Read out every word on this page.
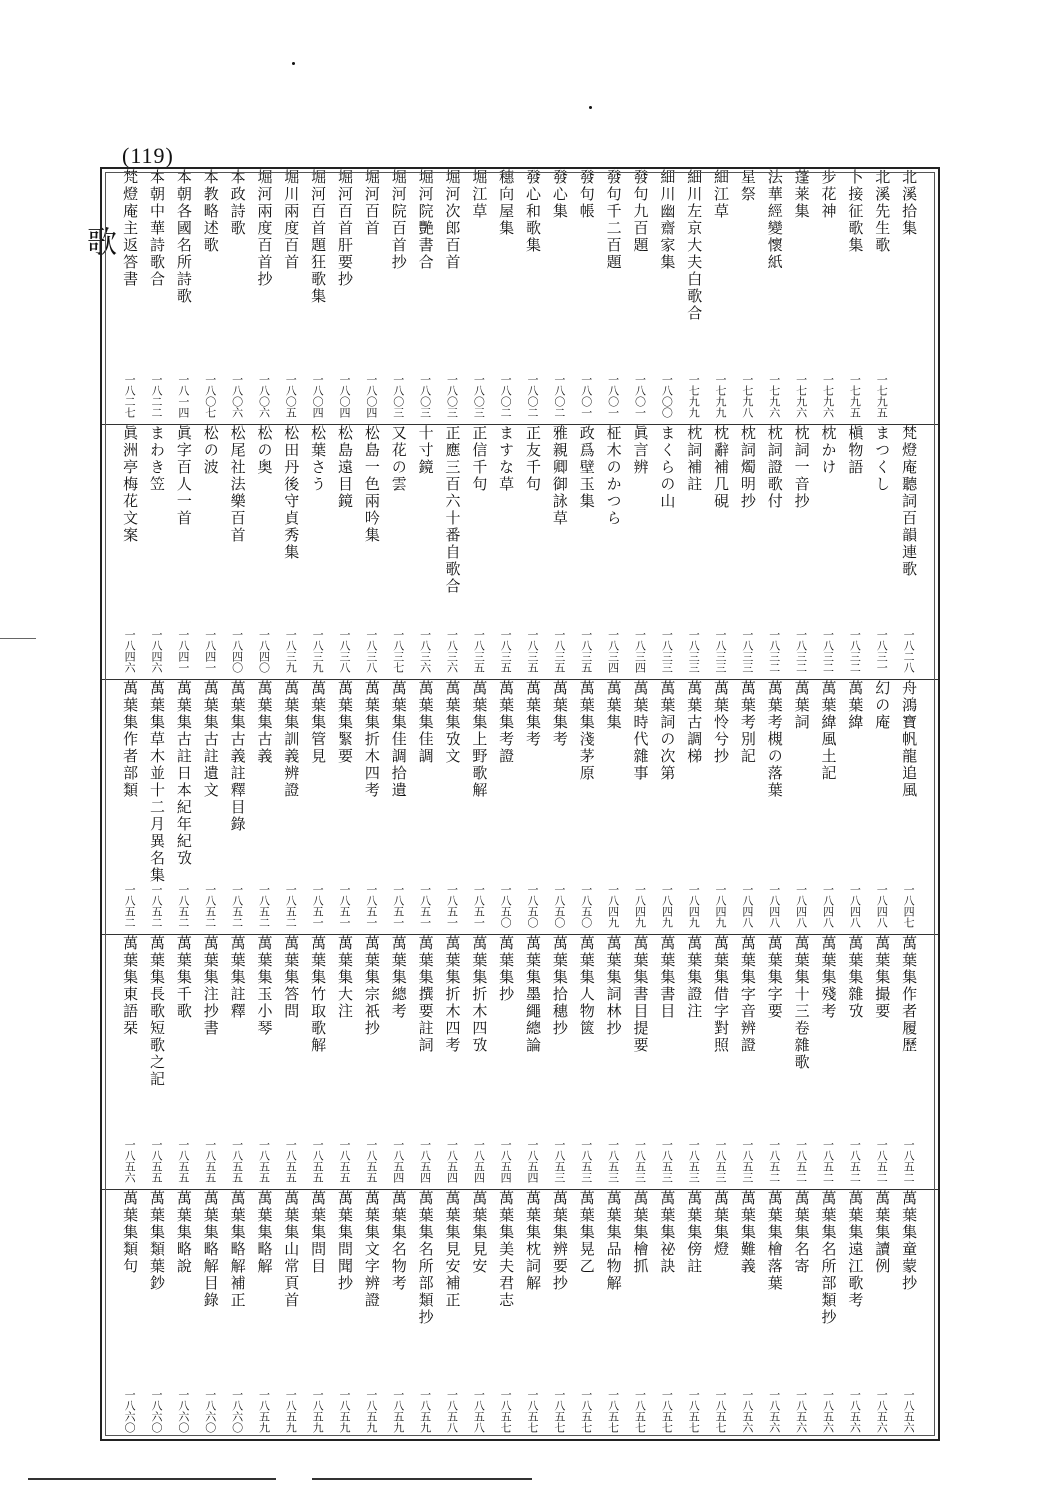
(119)
歌
北溪拾集
北溪先生歌
一七九五
卜接征歌集
一七九五
步花神
一七九六
蓬莱集
一七九六
法華經變懷紙
一七九六
星祭
一七九八
細江草
一七九九
細川左京大夫白歌合
一七九九
細川幽齋家集
一八〇〇
發句九百題
一八〇一
發句千二百題
一八〇一
發句帳
一八〇一
發心集
一八〇二
發心和歌集
一八〇二
穗向屋集
一八〇二
堀江草
一八〇三
堀河次郎百首
一八〇三
堀河院艷書合
一八〇三
堀河院百首抄
一八〇三
堀河百首
一八〇四
堀河百首肝要抄
一八〇四
堀河百首題狂歌集
一八〇四
堀川兩度百首
一八〇五
堀河兩度百首抄
一八〇六
本政詩歌
一八〇六
本教略述歌
一八〇七
本朝各國名所詩歌
一八一四
本朝中華詩歌合
一八二二
梵燈庵主返答書
一八二七
梵燈庵聽詞百韻連歌
一八二八
まつくし
一八三一
槇物語
一八三二
枕かけ
一八三二
枕詞一音抄
一八三二
枕詞證歌付
一八三二
枕詞燭明抄
一八三三
枕辭補几硯
一八三三
枕詞補註
一八三三
まくらの山
一八三三
眞言辨
一八三四
柾木のかつら
一八三四
政爲壁玉集
一八三五
雅親卿御詠草
一八三五
正友千句
一八三五
ますな草
一八三五
正信千句
一八三五
正應三百六十番自歌合
一八三六
十寸鏡
一八三六
又花の雲
一八三七
松島一色兩吟集
一八三八
松島遠目鏡
一八三八
松葉さう
一八三九
松田丹後守貞秀集
一八三九
松の奥
一八四〇
松尾社法樂百首
一八四〇
松の波
一八四一
眞字百人一首
一八四一
まわき笠
一八四六
眞洲亭梅花文案
一八四六
舟鴻寶帆龍追風
一八四七
幻の庵
一八四八
萬葉緯
一八四八
萬葉緯風土記
一八四八
萬葉詞
一八四八
萬葉考槻の落葉
一八四八
萬葉考別記
一八四八
萬葉怜兮抄
一八四九
萬葉古調梯
一八四九
萬葉詞の次第
一八四九
萬葉時代雜事
一八四九
萬葉集
一八四九
萬葉集淺茅原
一八五〇
萬葉集考
一八五〇
萬葉集考
一八五〇
萬葉集考證
一八五〇
萬葉集上野歌解
一八五一
萬葉集攷文
一八五一
萬葉集佳調
一八五一
萬葉集佳調拾遺
一八五一
萬葉集折木四考
一八五一
萬葉集緊要
一八五一
萬葉集管見
一八五一
萬葉集訓義辨證
一八五二
萬葉集古義
一八五二
萬葉集古義註釋目錄
一八五二
萬葉集古註遺文
一八五二
萬葉集古註日本紀年紀攷
一八五二
萬葉集草木並十二月異名集
一八五二
萬葉集作者部類
一八五二
萬葉集作者履歷
一八五二
萬葉集撮要
一八五二
萬葉集雜攷
一八五二
萬葉集殘考
一八五二
萬葉集十三卷雜歌
一八五二
萬葉集字要
一八五二
萬葉集字音辨證
一八五三
萬葉集借字對照
一八五三
萬葉集證注
一八五三
萬葉集書目
一八五三
萬葉集書目提要
一八五三
萬葉集詞林抄
一八五三
萬葉集人物篋
一八五三
萬葉集拾穗抄
一八五三
萬葉集墨繩總論
一八五四
萬葉集抄
一八五四
萬葉集折木四攷
一八五四
萬葉集折木四考
一八五四
萬葉集撰要註詞
一八五四
萬葉集總考
一八五四
萬葉集宗祇抄
一八五五
萬葉集大注
一八五五
萬葉集竹取歌解
一八五五
萬葉集答問
一八五五
萬葉集玉小琴
一八五五
萬葉集註釋
一八五五
萬葉集注抄書
一八五五
萬葉集千歌
一八五五
萬葉集長歌短歌之記
一八五五
萬葉集東語栞
一八五六
萬葉集童蒙抄
一八五六
萬葉集讀例
一八五六
萬葉集遠江歌考
一八五六
萬葉集名所部類抄
一八五六
萬葉集名寄
一八五六
萬葉集檜落葉
一八五六
萬葉集難義
一八五六
萬葉集燈
一八五七
萬葉集傍註
一八五七
萬葉集祕訣
一八五七
萬葉集檜抓
一八五七
萬葉集品物解
一八五七
萬葉集晃乙
一八五七
萬葉集辨要抄
一八五七
萬葉集枕詞解
一八五七
萬葉集美夫君志
一八五七
萬葉集見安
一八五八
萬葉集見安補正
一八五八
萬葉集名所部類抄
一八五九
萬葉集名物考
一八五九
萬葉集文字辨證
一八五九
萬葉集問聞抄
一八五九
萬葉集問目
一八五九
萬葉集山常頁首
一八五九
萬葉集略解
一八五九
萬葉集略解補正
一八六〇
萬葉集略解目錄
一八六〇
萬葉集略說
一八六〇
萬葉集類葉鈔
一八六〇
萬葉集類句
一八六〇
